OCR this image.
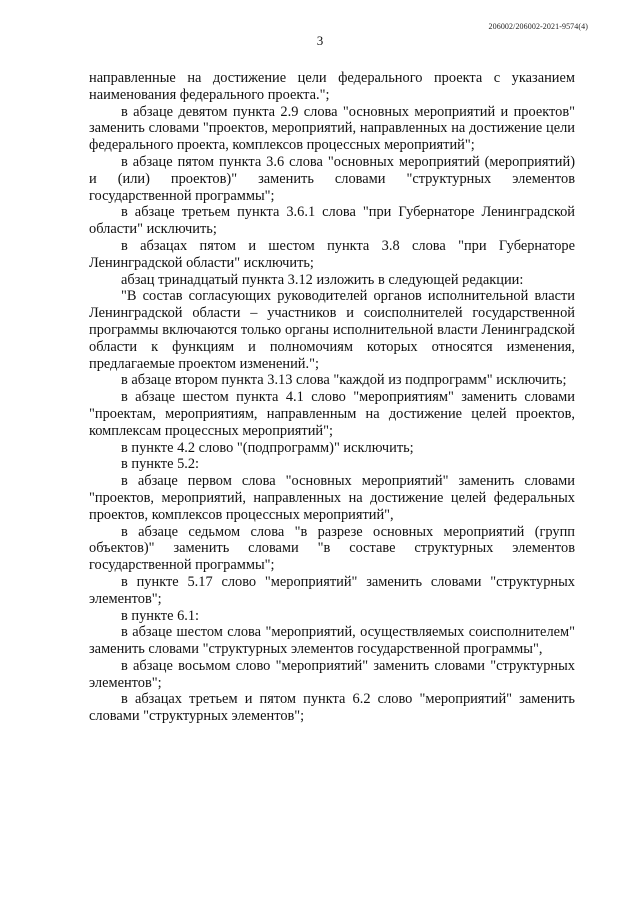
206002/206002-2021-9574(4)
3

направленные на достижение цели федерального проекта с указанием наименования федерального проекта.";

в абзаце девятом пункта 2.9 слова "основных мероприятий и проектов" заменить словами "проектов, мероприятий, направленных на достижение цели федерального проекта, комплексов процессных мероприятий";

в абзаце пятом пункта 3.6 слова "основных мероприятий (мероприятий) и (или) проектов)" заменить словами "структурных элементов государственной программы";

в абзаце третьем пункта 3.6.1 слова "при Губернаторе Ленинградской области" исключить;

в абзацах пятом и шестом пункта 3.8 слова "при Губернаторе Ленинградской области" исключить;

абзац тринадцатый пункта 3.12 изложить в следующей редакции:

"В состав согласующих руководителей органов исполнительной власти Ленинградской области – участников и соисполнителей государственной программы включаются только органы исполнительной власти Ленинградской области к функциям и полномочиям которых относятся изменения, предлагаемые проектом изменений.";

в абзаце втором пункта 3.13 слова "каждой из подпрограмм" исключить;

в абзаце шестом пункта 4.1 слово "мероприятиям" заменить словами "проектам, мероприятиям, направленным на достижение целей проектов, комплексам процессных мероприятий";

в пункте 4.2 слово "(подпрограмм)" исключить;

в пункте 5.2:

в абзаце первом слова "основных мероприятий" заменить словами "проектов, мероприятий, направленных на достижение целей федеральных проектов, комплексов процессных мероприятий",

в абзаце седьмом слова "в разрезе основных мероприятий (групп объектов)" заменить словами "в составе структурных элементов государственной программы";

в пункте 5.17 слово "мероприятий" заменить словами "структурных элементов";

в пункте 6.1:

в абзаце шестом слова "мероприятий, осуществляемых соисполнителем" заменить словами "структурных элементов государственной программы",

в абзаце восьмом слово "мероприятий" заменить словами "структурных элементов";

в абзацах третьем и пятом пункта 6.2 слово "мероприятий" заменить словами "структурных элементов";
